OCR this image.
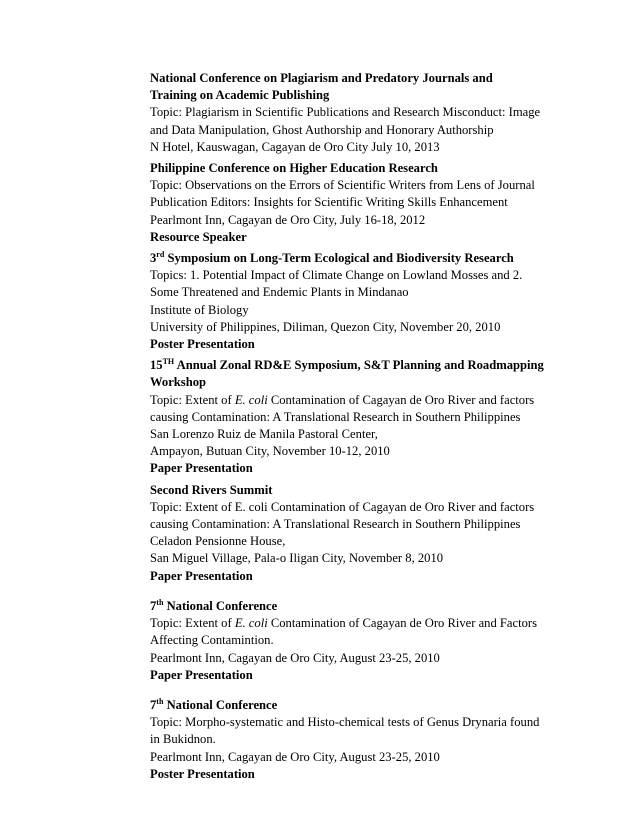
National Conference on Plagiarism and Predatory Journals and
Training on Academic Publishing
Topic: Plagiarism in Scientific Publications and Research Misconduct: Image
and Data Manipulation, Ghost Authorship and Honorary Authorship
N Hotel, Kauswagan, Cagayan de Oro City July 10, 2013
Philippine Conference on Higher Education Research
Topic: Observations on the Errors of Scientific Writers from Lens of Journal
Publication Editors: Insights for Scientific Writing Skills Enhancement
Pearlmont Inn, Cagayan de Oro City, July 16-18, 2012
Resource Speaker
3rd Symposium on Long-Term Ecological and Biodiversity Research
Topics: 1. Potential Impact of Climate Change on Lowland Mosses and 2.
Some Threatened and Endemic Plants in Mindanao
Institute of Biology
University of Philippines, Diliman, Quezon City, November 20, 2010
Poster Presentation
15TH Annual Zonal RD&E Symposium, S&T Planning and Roadmapping
Workshop
Topic: Extent of E. coli Contamination of Cagayan de Oro River and factors
causing Contamination: A Translational Research in Southern Philippines
San Lorenzo Ruiz de Manila Pastoral Center,
Ampayon, Butuan City, November 10-12, 2010
Paper Presentation
Second Rivers Summit
Topic: Extent of E. coli Contamination of Cagayan de Oro River and factors
causing Contamination: A Translational Research in Southern Philippines
Celadon Pensionne House,
San Miguel Village, Pala-o Iligan City, November 8, 2010
Paper Presentation
7th National Conference
Topic: Extent of E. coli Contamination of Cagayan de Oro River and Factors
Affecting Contamintion.
Pearlmont Inn, Cagayan de Oro City, August 23-25, 2010
Paper Presentation
7th National Conference
Topic: Morpho-systematic and Histo-chemical tests of Genus Drynaria found
in Bukidnon.
Pearlmont Inn, Cagayan de Oro City, August 23-25, 2010
Poster Presentation
